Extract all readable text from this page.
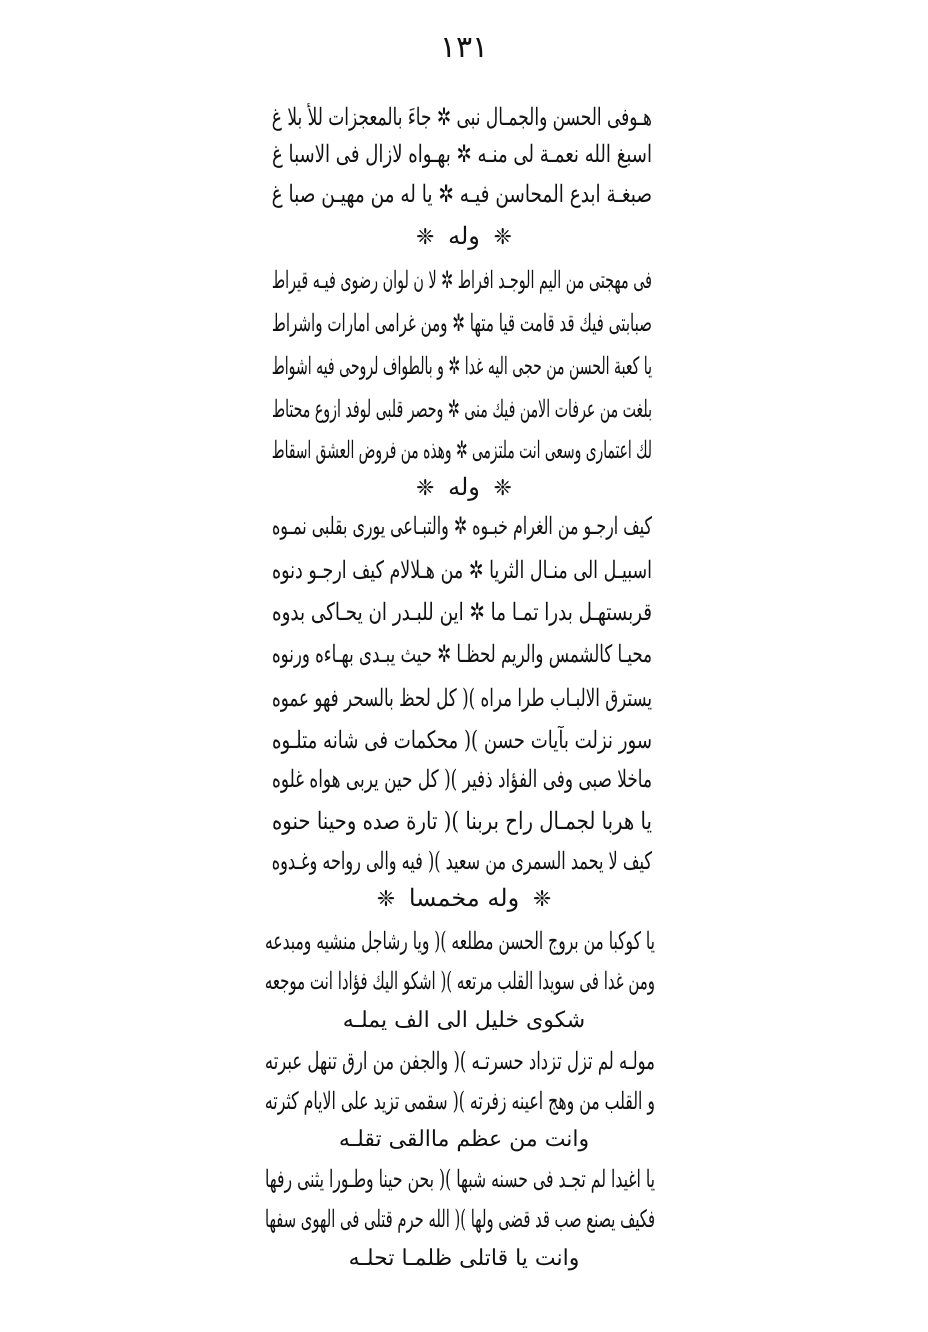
١٣١
هـوفى الحسن والجمـال نبى ✲ جاءَ بالمعجزات للأ بلا غ
اسبغ الله نعمـة لى منـه ✲ بهـواه لازال فى الاسبا غ
صبغـة ابدع المحاسن فيـه ✲ يا له من مهيـن صبا غ
❈ وله ❈
فى مهجتى من اليم الوجـد افراط ✲ لا ن لوان رضوى فيـه قيراط
صبابتى فيك قد قامت قيا متها ✲ ومن غرامى امارات واشراط
يا كعبة الحسن من حجى اليه غدا ✲ و بالطواف لروحى فيه اشواط
بلغت من عرفات الامن فيك منى ✲ وحصر قلبى لوفد ازوع محتاط
لك اعتمارى وسعى انت ملتزمى ✲ وهذه من فروض العشق اسقاط
❈ وله ❈
كيف ارجـو من الغرام خبـوه ✲ والتبـاعى يورى بقلبى نمـوه
اسبيـل الى منـال الثريا ✲ من هـلالام كيف ارجـو دنوه
قربستهـل بدرا تمـا ما ✲ اين للبـدر ان يحـاكى بدوه
محيـا كالشمس والريم لحظـا ✲ حيث يبـدى بهـاءه ورنوه
يسترق الالبـاب طرا مراه )( كل لحظ بالسحر فهو عموه
سور نزلت بآيات حسن )( محكمات فى شانه متلـوه
ماخلا صبى وفى الفؤاد ذفير )( كل حين يربى هواه غلوه
يا هربا لجمـال راح بربنا )( تارة صده وحينا حنوه
كيف لا يحمد السمرى من سعيد )( فيه والى رواحه وغـدوه
❈ وله مخمسا ❈
يا كوكبا من بروج الحسن مطلعه )( ويا رشاجل منشيه ومبدعه
ومن غدا فى سويدا القلب مرتعه )( اشكو اليك فؤادا انت موجعه
شكوى خليل الى الف يملـه
مولـه لم تزل تزداد حسرتـه )( والجفن من ارق تنهل عبرته
و القلب من وهج اعينه زفرته )( سقمى تزيد على الايام كثرته
وانت من عظم ماالقى تقلـه
يا اغيدا لم تجـد فى حسنه شبها )( بحن حينا وطـورا يثنى رفها
فكيف يصنع صب قد قضى ولها )( الله حرم قتلى فى الهوى سفها
وانت يا قاتلى ظلمـا تحلـه
